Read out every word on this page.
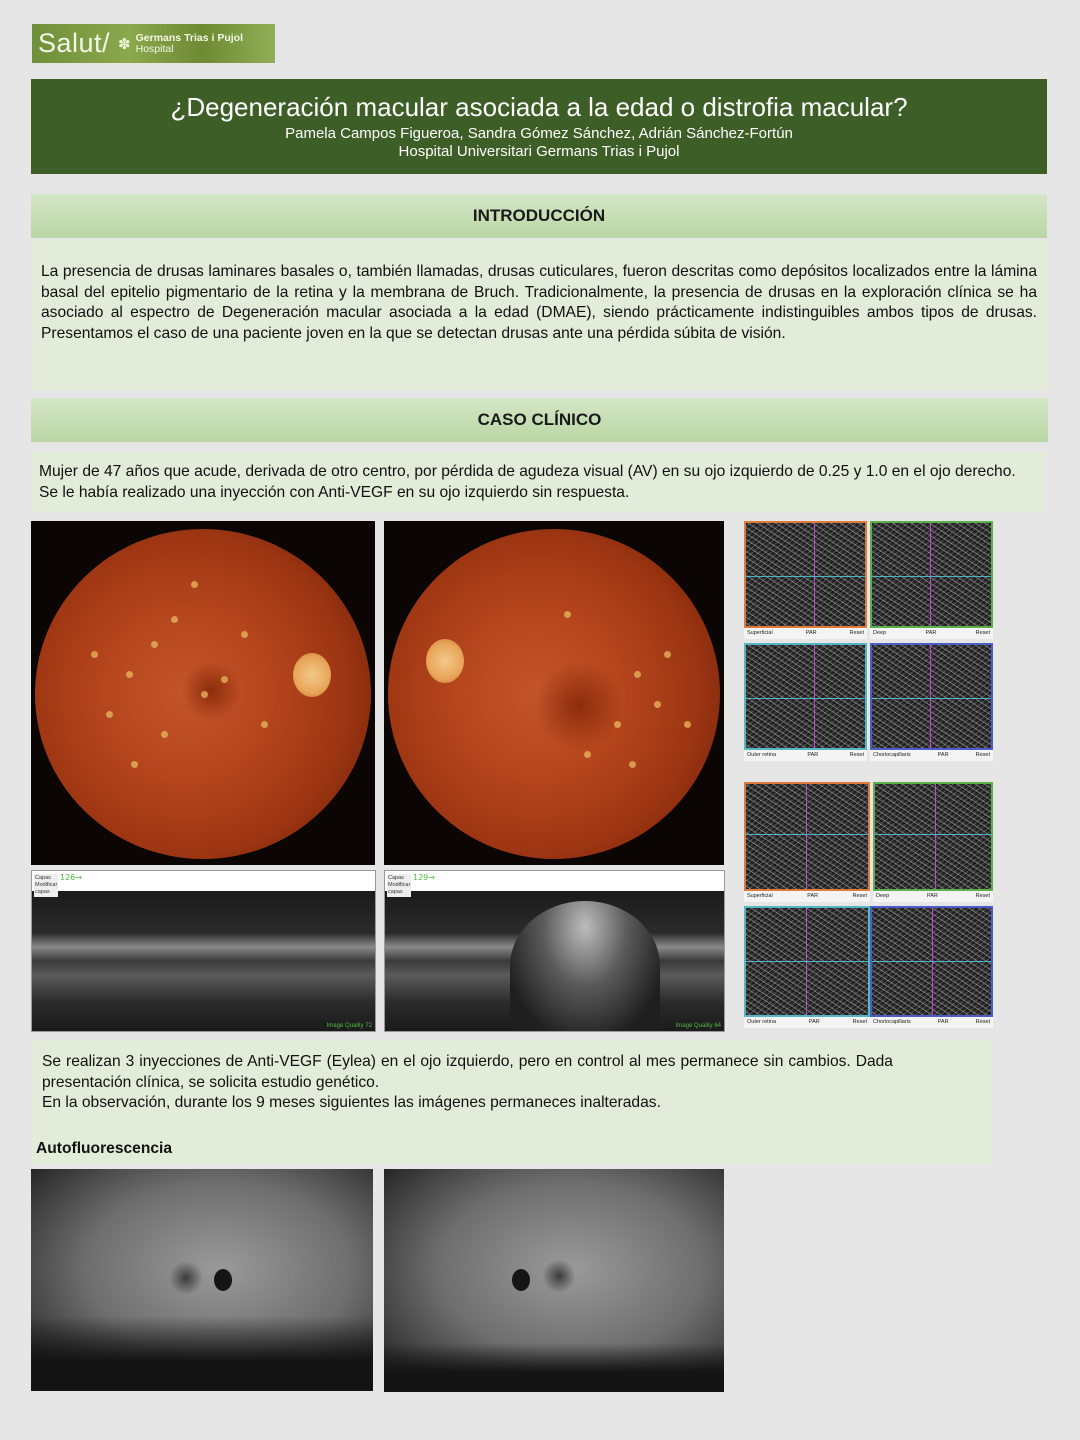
Salut/ ✽ Germans Trias i Pujol
Hospital
¿Degeneración macular asociada a la edad o distrofia macular?
Pamela Campos Figueroa, Sandra Gómez Sánchez, Adrián Sánchez-Fortún
Hospital Universitari Germans Trias i Pujol
INTRODUCCIÓN

La presencia de drusas laminares basales o, también llamadas, drusas cuticulares, fueron descritas como depósitos localizados entre la lámina basal del epitelio pigmentario de la retina y la membrana de Bruch. Tradicionalmente, la presencia de drusas en la exploración clínica se ha asociado al espectro de Degeneración macular asociada a la edad (DMAE), siendo prácticamente indistinguibles ambos tipos de drusas. Presentamos el caso de una paciente joven en la que se detectan drusas ante una pérdida súbita de visión.

CASO CLÍNICO

Mujer de 47 años que acude, derivada de otro centro, por pérdida de agudeza visual (AV) en su ojo izquierdo de 0.25 y 1.0 en el ojo derecho. Se le había realizado una inyección con Anti-VEGF en su ojo izquierdo sin respuesta.

Capas
Modificar
capas
126→
Image Quality 72
Capas
Modificar
capas
129→
Image Quality 64
Superficial	PAR	Reset Deep	PAR	Reset
Outer retina	PAR	Reset Choriocapillaris	PAR	Reset
Superficial	PAR	Reset Deep	PAR	Reset
Outer retina	PAR	Reset Choriocapillaris	PAR	Reset

Se realizan 3 inyecciones de Anti-VEGF (Eylea) en el ojo izquierdo, pero en control al mes permanece sin cambios. Dada presentación clínica, se solicita estudio genético.

En la observación, durante los 9 meses siguientes las imágenes permaneces inalteradas.

Autofluorescencia
